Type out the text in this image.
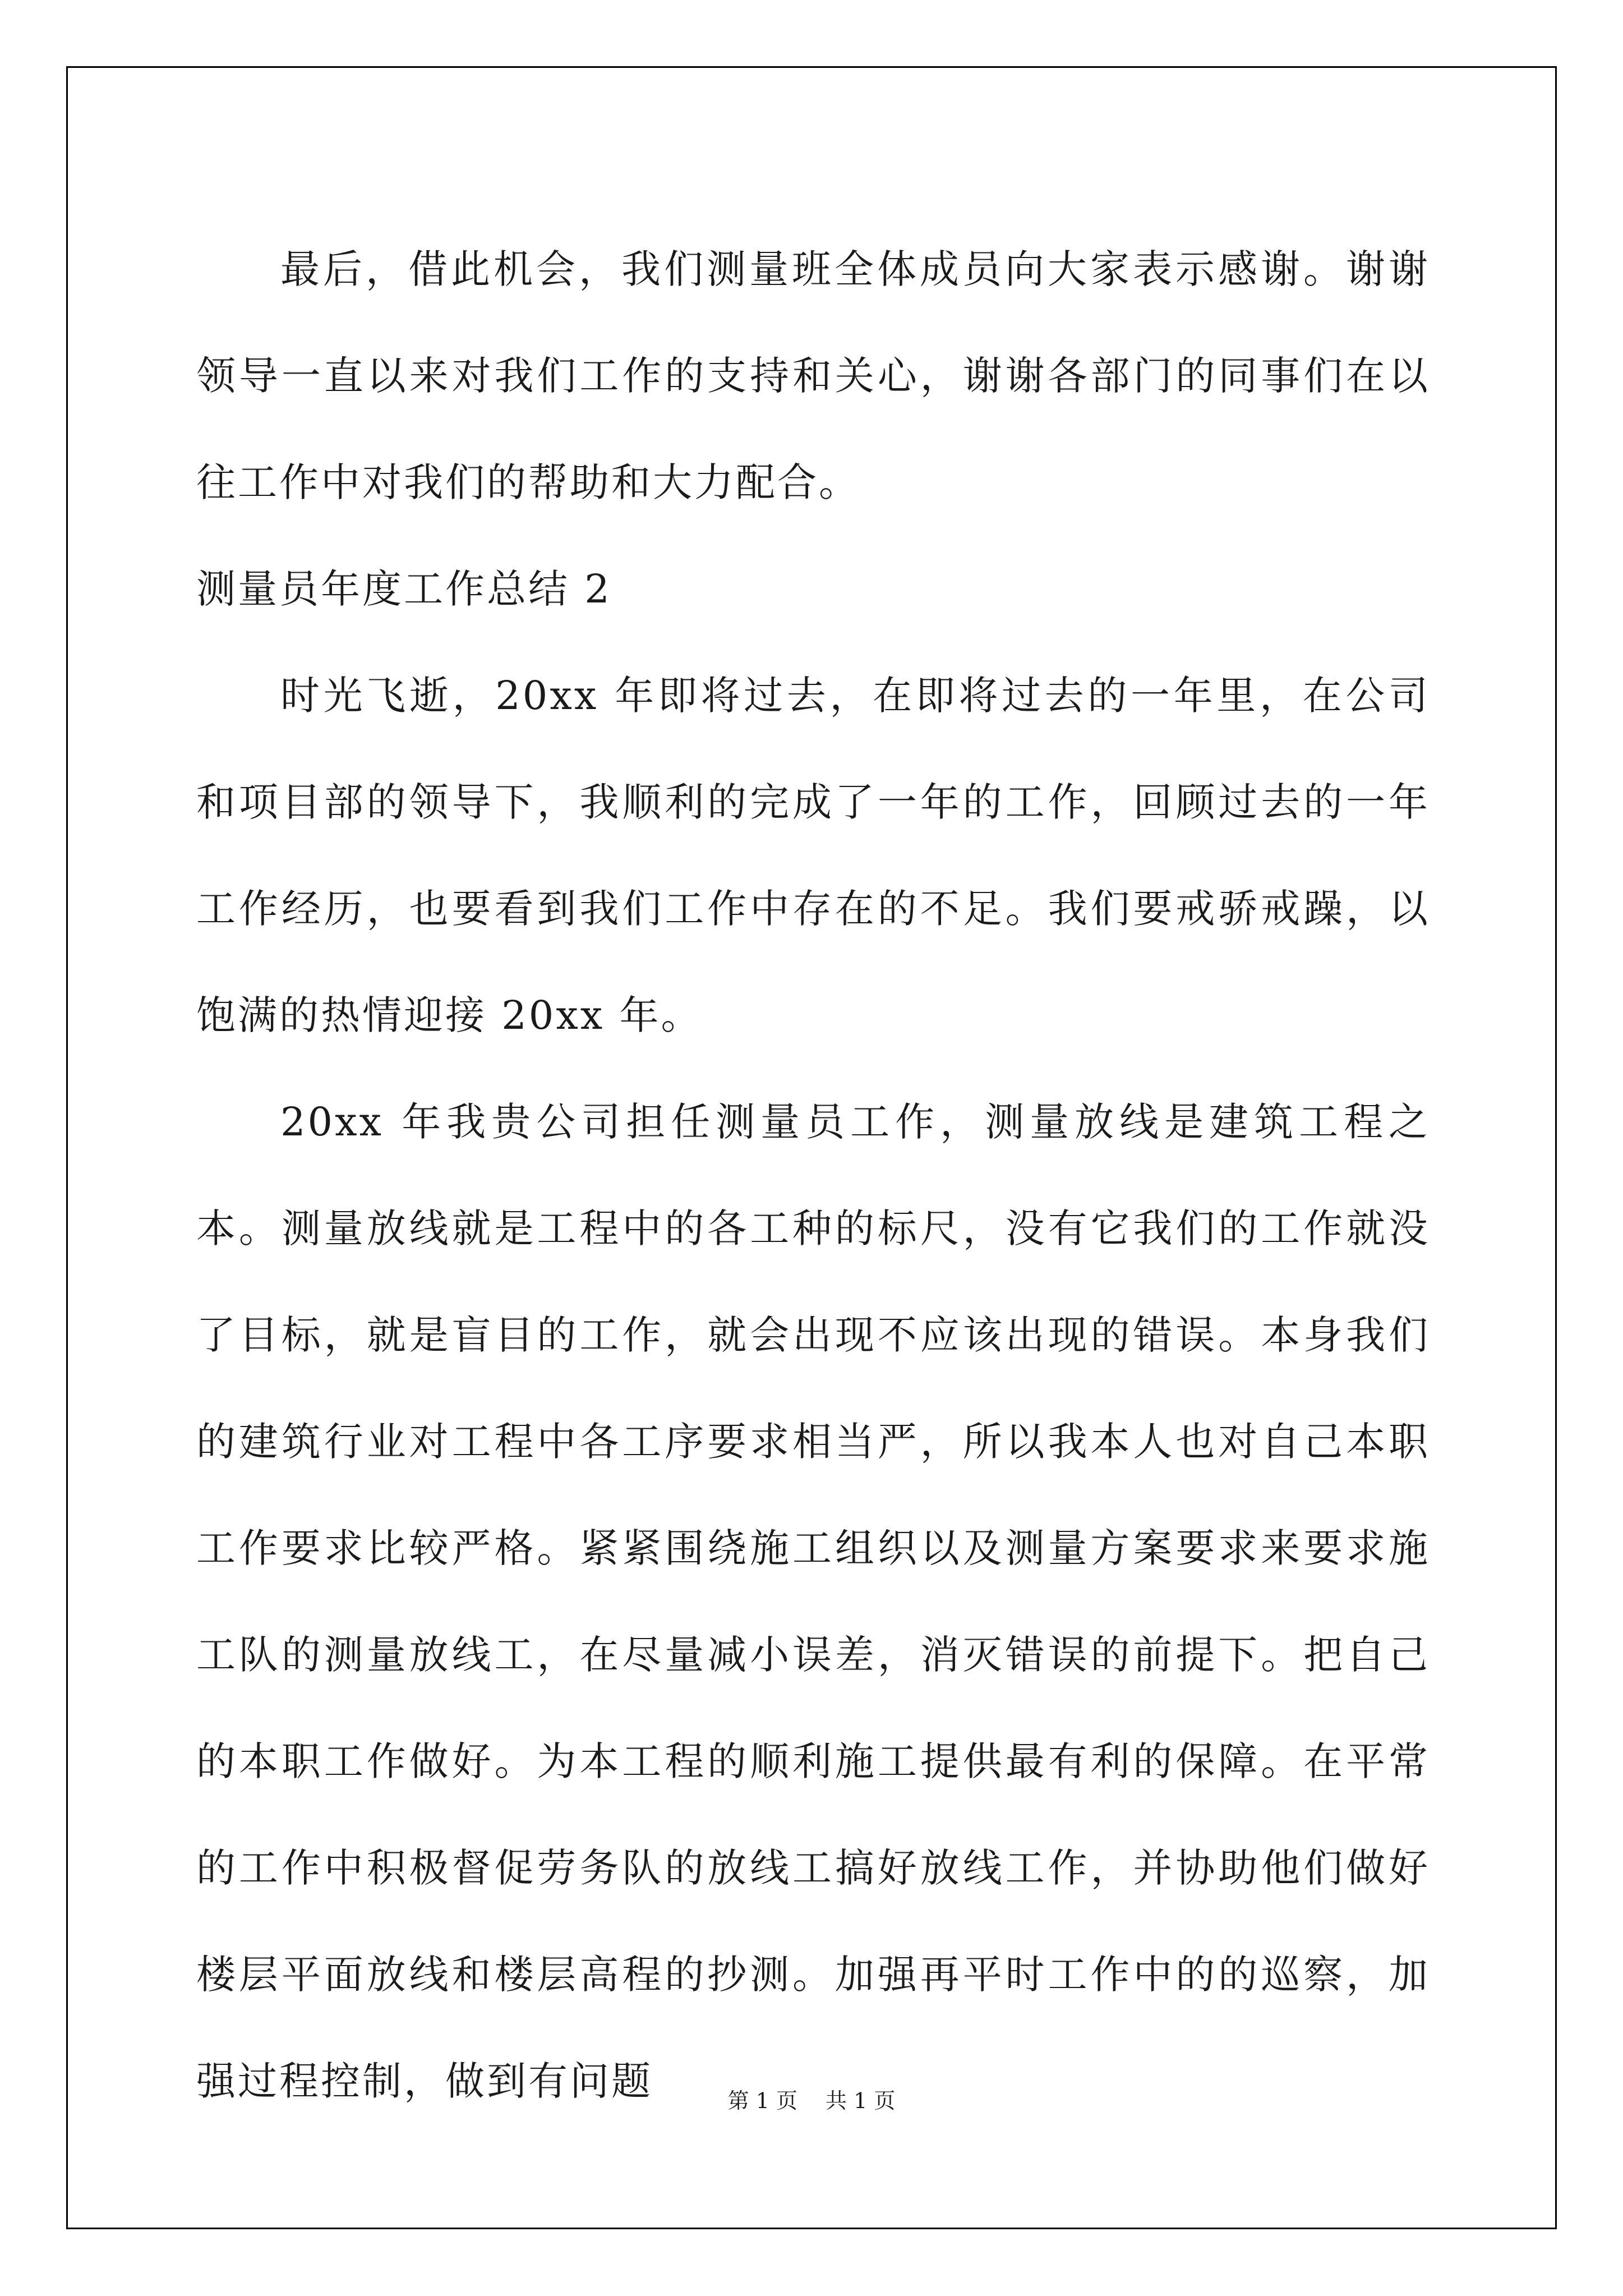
最后，借此机会，我们测量班全体成员向大家表示感谢。谢谢领导一直以来对我们工作的支持和关心，谢谢各部门的同事们在以往工作中对我们的帮助和大力配合。

测量员年度工作总结 2

时光飞逝，20xx 年即将过去，在即将过去的一年里，在公司和项目部的领导下，我顺利的完成了一年的工作，回顾过去的一年工作经历，也要看到我们工作中存在的不足。我们要戒骄戒躁，以饱满的热情迎接 20xx 年。

20xx 年我贵公司担任测量员工作，测量放线是建筑工程之本。测量放线就是工程中的各工种的标尺，没有它我们的工作就没了目标，就是盲目的工作，就会出现不应该出现的错误。本身我们的建筑行业对工程中各工序要求相当严，所以我本人也对自己本职工作要求比较严格。紧紧围绕施工组织以及测量方案要求来要求施工队的测量放线工，在尽量减小误差，消灭错误的前提下。把自己的本职工作做好。为本工程的顺利施工提供最有利的保障。在平常的工作中积极督促劳务队的放线工搞好放线工作，并协助他们做好楼层平面放线和楼层高程的抄测。加强再平时工作中的的巡察，加强过程控制，做到有问题	第 1 页 共 1 页
